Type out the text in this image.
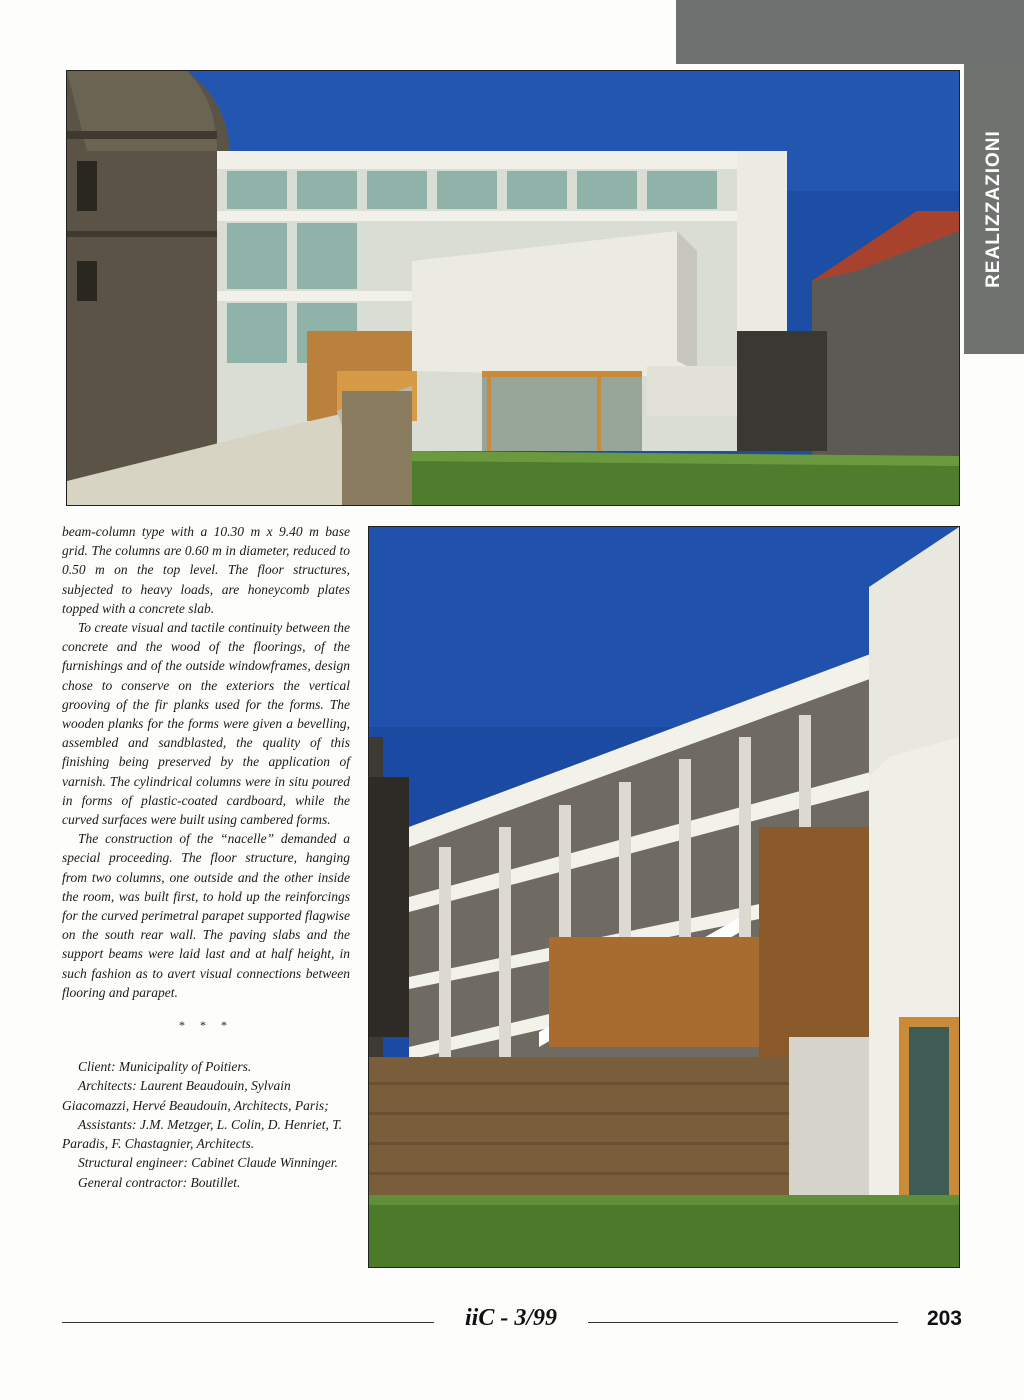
REALIZZAZIONI

beam-column type with a 10.30 m x 9.40 m base grid. The columns are 0.60 m in diameter, reduced to 0.50 m on the top level. The floor structures, subjected to heavy loads, are honeycomb plates topped with a concrete slab.

To create visual and tactile continuity between the concrete and the wood of the floorings, of the furnishings and of the outside windowframes, design chose to conserve on the exteriors the vertical grooving of the fir planks used for the forms. The wooden planks for the forms were given a bevelling, assembled and sandblasted, the quality of this finishing being preserved by the application of varnish. The cylindrical columns were in situ poured in forms of plastic-coated cardboard, while the curved surfaces were built using cambered forms.

The construction of the “nacelle” demanded a special proceeding. The floor structure, hanging from two columns, one outside and the other inside the room, was built first, to hold up the reinforcings for the curved perimetral parapet supported flagwise on the south rear wall. The paving slabs and the support beams were laid last and at half height, in such fashion as to avert visual connections between flooring and parapet.

* * *

Client: Municipality of Poitiers.

Architects: Laurent Beaudouin, Sylvain Giacomazzi, Hervé Beaudouin, Architects, Paris;

Assistants: J.M. Metzger, L. Colin, D. Henriet, T. Paradis, F. Chastagnier, Architects.

Structural engineer: Cabinet Claude Winninger.

General contractor: Boutillet.

iiC - 3/99	203
